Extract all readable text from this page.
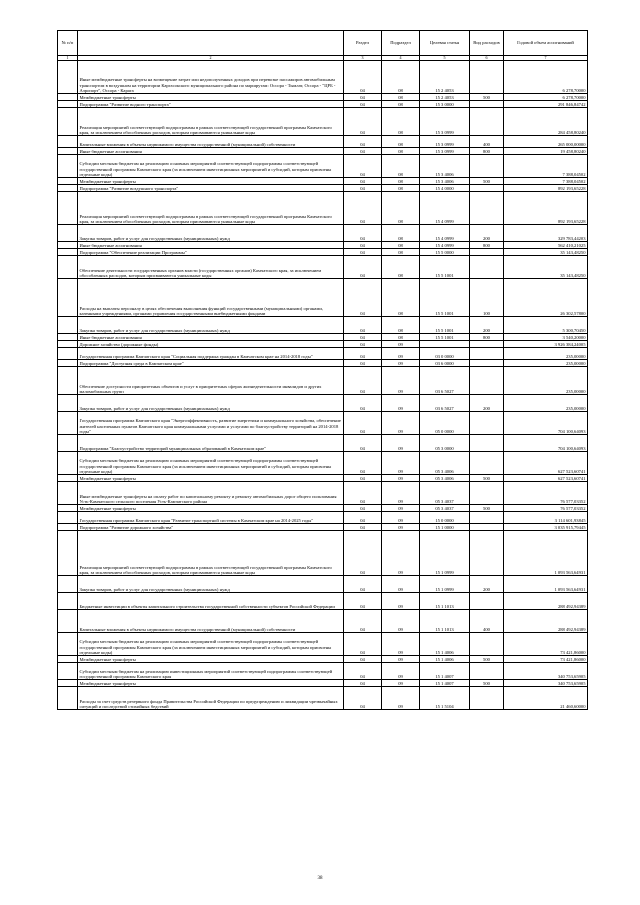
№ п/п		Раздел	Подраздел	Целевая статья	Вид расходов	Годовой объем ассигнований
1	2	3	4	5	6	7
	Иные межбюджетные трансферты на возмещение затрат или недополученных доходов при перевозке пассажиров автомобильным транспортом в воздушном на территории Каргасокского муниципального района по маршрутам: Оссора - Тымлат, Оссора - "ЦРБ - Аэропорт", Оссора - Карага	04	08	15 2 4053		6 278,70000
	Межбюджетные трансферты	04	08	15 2 4053	500	6 278,70000
	Подпрограмма "Развитие водного транспорта"	04	08	15 3 0000		291 846,84742
	Реализация мероприятий соответствующей подпрограммы в рамках соответствующей государственной программы Камчатского края, за исключением обособленных расходов, которым присваиваются уникальные коды	04	08	15 3 0999		284 458,80240
	Капитальные вложения в объекты недвижимого имущества государственной (муниципальной) собственности	04	08	15 3 0999	400	265 000,00000
	Иные бюджетные ассигнования	04	08	15 3 0999	800	19 458,80240
	Субсидии местным бюджетам на реализацию основных мероприятий соответствующей подпрограммы соответствующей государственной программы Камчатского края (за исключением инвестиционных мероприятий и субсидий, которым присвоены отдельные коды)	04	08	15 3 4006		7 388,04502
	Межбюджетные трансферты	04	08	15 3 4006	500	7 388,04502
	Подпрограмма "Развитие воздушного транспорта"	04	08	15 4 0000		892 193,65228
	Реализация мероприятий соответствующей подпрограммы в рамках соответствующей государственной программы Камчатского края, за исключением обособленных расходов, которым присваиваются уникальные коды	04	08	15 4 0999		892 193,65228
	Закупка товаров, работ и услуг для государственных (муниципальных) нужд	04	08	15 4 0999	200	329 783,44203
	Иные бюджетные ассигнования	04	08	15 4 0999	800	562 410,21025
	Подпрограмма "Обеспечение реализации Программы"	04	08	15 5 0000		35 143,48250
	Обеспечение деятельности государственных органов власти (государственных органов) Камчатского края, за исключением обособленных расходов, которым присваиваются уникальные коды	04	08	15 5 1001		35 143,48250
	Расходы на выплаты персоналу в целях обеспечения выполнения функций государственными (муниципальными) органами, казенными учреждениями, органами управления государственными внебюджетными фондами	04	08	15 5 1001	100	26 302,57800
	Закупка товаров, работ и услуг для государственных (муниципальных) нужд	04	08	15 5 1001	200	5 300,70450
	Иные бюджетные ассигнования	04	08	15 5 1001	800	3 540,20000
	Дорожное хозяйство (дорожные фонды)	04	09			3 926 384,24005
	Государственная программа Камчатского края "Социальная поддержка граждан в Камчатском крае на 2014-2018 годы"	04	09	03 0 0000		235,00000
	Подпрограмма "Доступная среда в Камчатском крае"	04	09	03 6 0000		235,00000
	Обеспечение доступности приоритетных объектов и услуг в приоритетных сферах жизнедеятельности инвалидов и других маломобильных групп	04	09	03 6 5027		235,00000
	Закупка товаров, работ и услуг для государственных (муниципальных) нужд	04	09	03 6 5027	200	235,00000
	Государственная программа Камчатского края "Энергоэффективность, развитие энергетики и коммунального хозяйства, обеспечение жителей населенных пунктов Камчатского края коммунальными услугами и услугами по благоустройству территорий на 2014-2018 годы"	04	09	05 0 0000		704 100,64093
	Подпрограмма "Благоустройство территорий муниципальных образований в Камчатском крае"	04	09	05 3 0000		704 100,64093
	Субсидии местным бюджетам на реализацию основных мероприятий соответствующей подпрограммы соответствующей государственной программы Камчатского края (за исключением инвестиционных мероприятий и субсидий, которым присвоены отдельные коды)	04	09	05 3 4006		627 523,60741
	Межбюджетные трансферты	04	09	05 3 4006	500	627 523,60741
	Иные межбюджетные трансферты на оплату работ по капитальному ремонту и ремонту автомобильных дорог общего пользования Усть-Камчатского сельского поселения Усть-Камчатского района	04	09	05 3 4037		76 577,03352
	Межбюджетные трансферты	04	09	05 3 4037	500	76 577,03352
	Государственная программа Камчатского края "Развитие транспортной системы в Камчатском крае на 2014-2025 годы"	04	09	15 0 0000		3 114 601,93845
	Подпрограмма "Развитие дорожного хозяйства"	04	09	15 1 0000		3 035 915,79445
	Реализация мероприятий соответствующей подпрограммы в рамках соответствующей государственной программы Камчатского края, за исключением обособленных расходов, которым присваиваются уникальные коды	04	09	15 1 0999		1 093 563,64931
	Закупка товаров, работ и услуг для государственных (муниципальных) нужд	04	09	15 1 0999	200	1 093 563,64931
	Бюджетные инвестиции в объекты капитального строительства государственной собственности субъектов Российской Федерации	04	09	15 1 1013		288 492,94389
	Капитальные вложения в объекты недвижимого имущества государственной (муниципальной) собственности	04	09	15 1 1013	400	288 492,94389
	Субсидии местным бюджетам на реализацию основных мероприятий соответствующей подпрограммы соответствующей государственной программы Камчатского края (за исключением инвестиционных мероприятий и субсидий, которым присвоены отдельные коды)	04	09	15 1 4006		73 421,86000
	Межбюджетные трансферты	04	09	15 1 4006	500	73 421,86000
	Субсидии местным бюджетам на реализацию инвестиционных мероприятий соответствующей подпрограммы соответствующей государственной программы Камчатского края	04	09	15 1 4007		340 753,65905
	Межбюджетные трансферты	04	09	15 1 4007	500	340 753,65905
	Расходы за счет средств резервного фонда Правительства Российской Федерации по предупреждению и ликвидации чрезвычайных ситуаций и последствий стихийных бедствий	04	09	15 1 5104		21 460,60000
38
